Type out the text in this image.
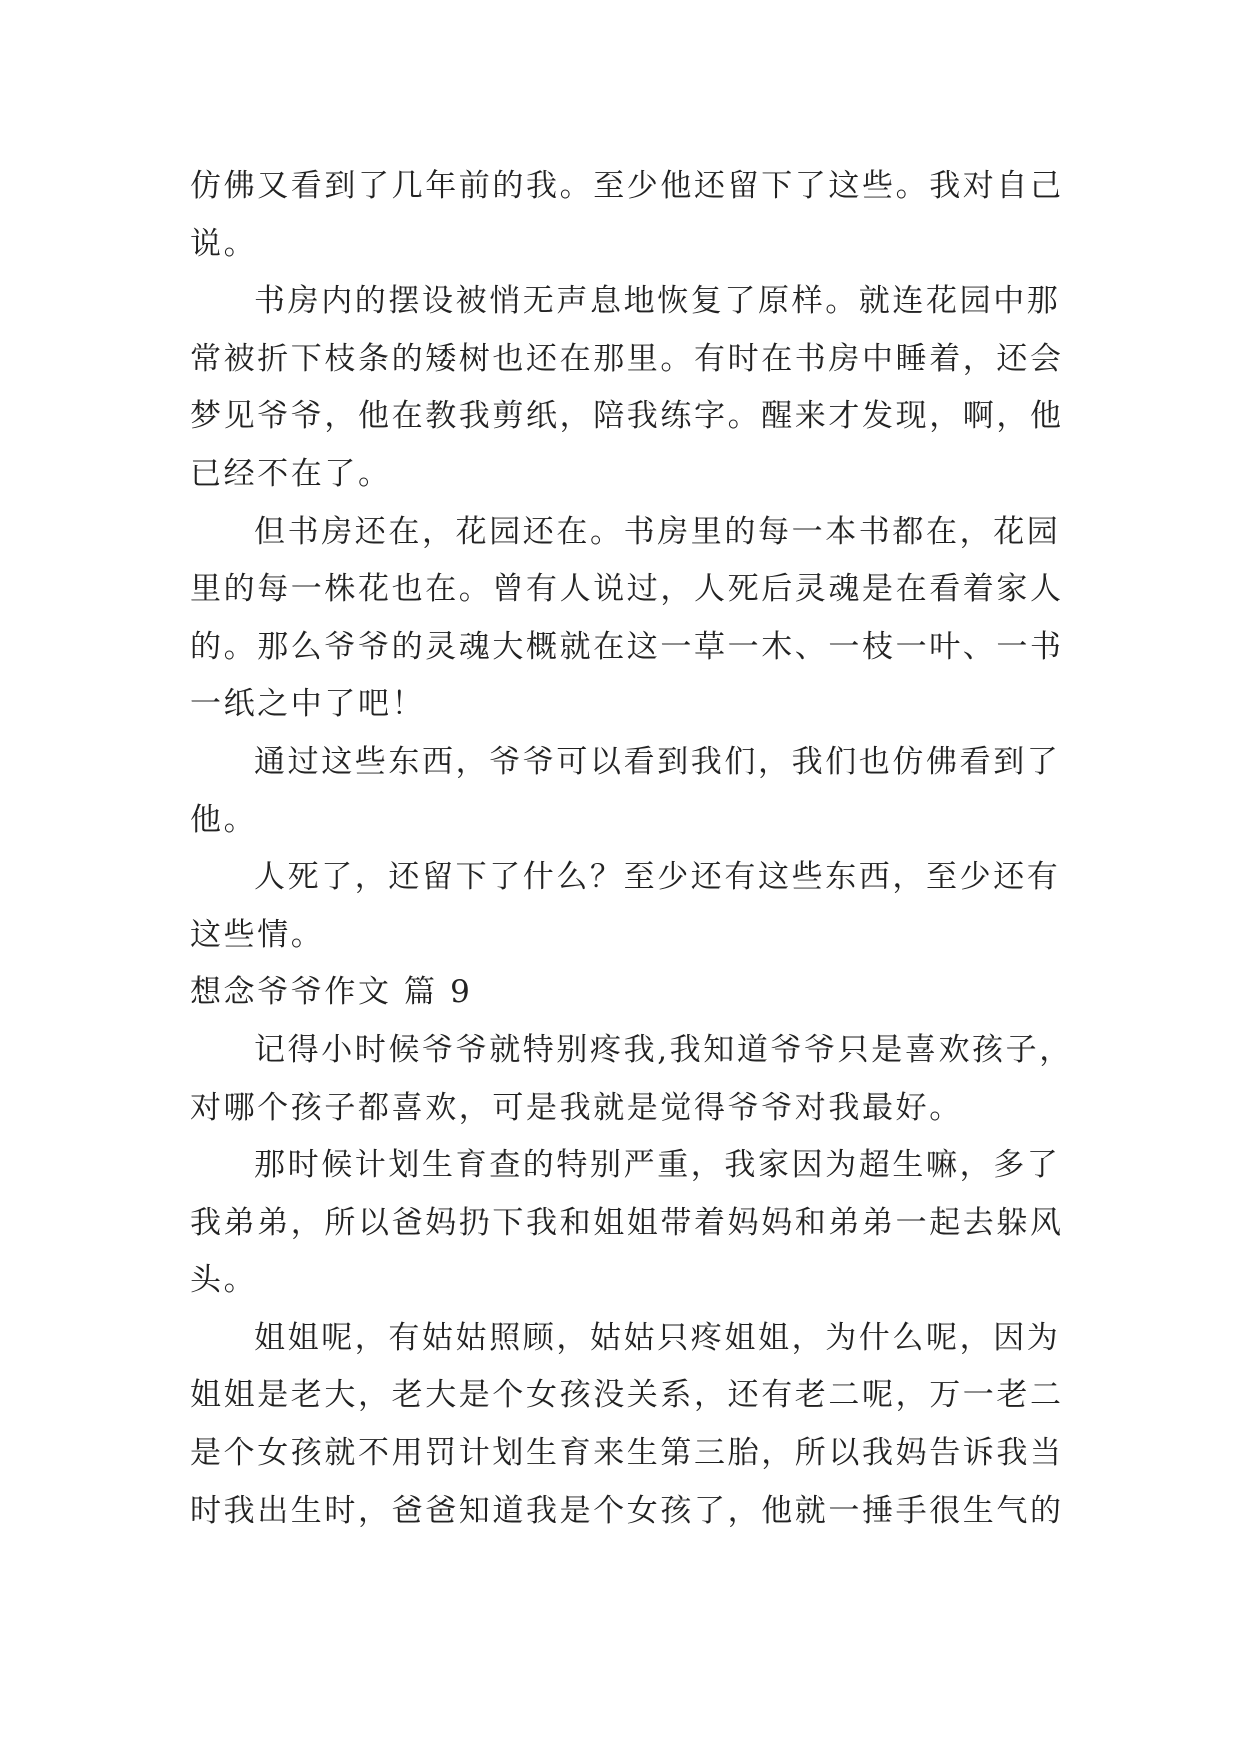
仿佛又看到了几年前的我。至少他还留下了这些。我对自己
说。
书房内的摆设被悄无声息地恢复了原样。就连花园中那
常被折下枝条的矮树也还在那里。有时在书房中睡着，还会
梦见爷爷，他在教我剪纸，陪我练字。醒来才发现，啊，他
已经不在了。
但书房还在，花园还在。书房里的每一本书都在，花园
里的每一株花也在。曾有人说过，人死后灵魂是在看着家人
的。那么爷爷的灵魂大概就在这一草一木、一枝一叶、一书
一纸之中了吧！
通过这些东西，爷爷可以看到我们，我们也仿佛看到了
他。
人死了，还留下了什么？至少还有这些东西，至少还有
这些情。
想念爷爷作文 篇 9
记得小时候爷爷就特别疼我,我知道爷爷只是喜欢孩子，
对哪个孩子都喜欢，可是我就是觉得爷爷对我最好。
那时候计划生育查的特别严重，我家因为超生嘛，多了
我弟弟，所以爸妈扔下我和姐姐带着妈妈和弟弟一起去躲风
头。
姐姐呢，有姑姑照顾，姑姑只疼姐姐，为什么呢，因为
姐姐是老大，老大是个女孩没关系，还有老二呢，万一老二
是个女孩就不用罚计划生育来生第三胎，所以我妈告诉我当
时我出生时，爸爸知道我是个女孩了，他就一捶手很生气的
